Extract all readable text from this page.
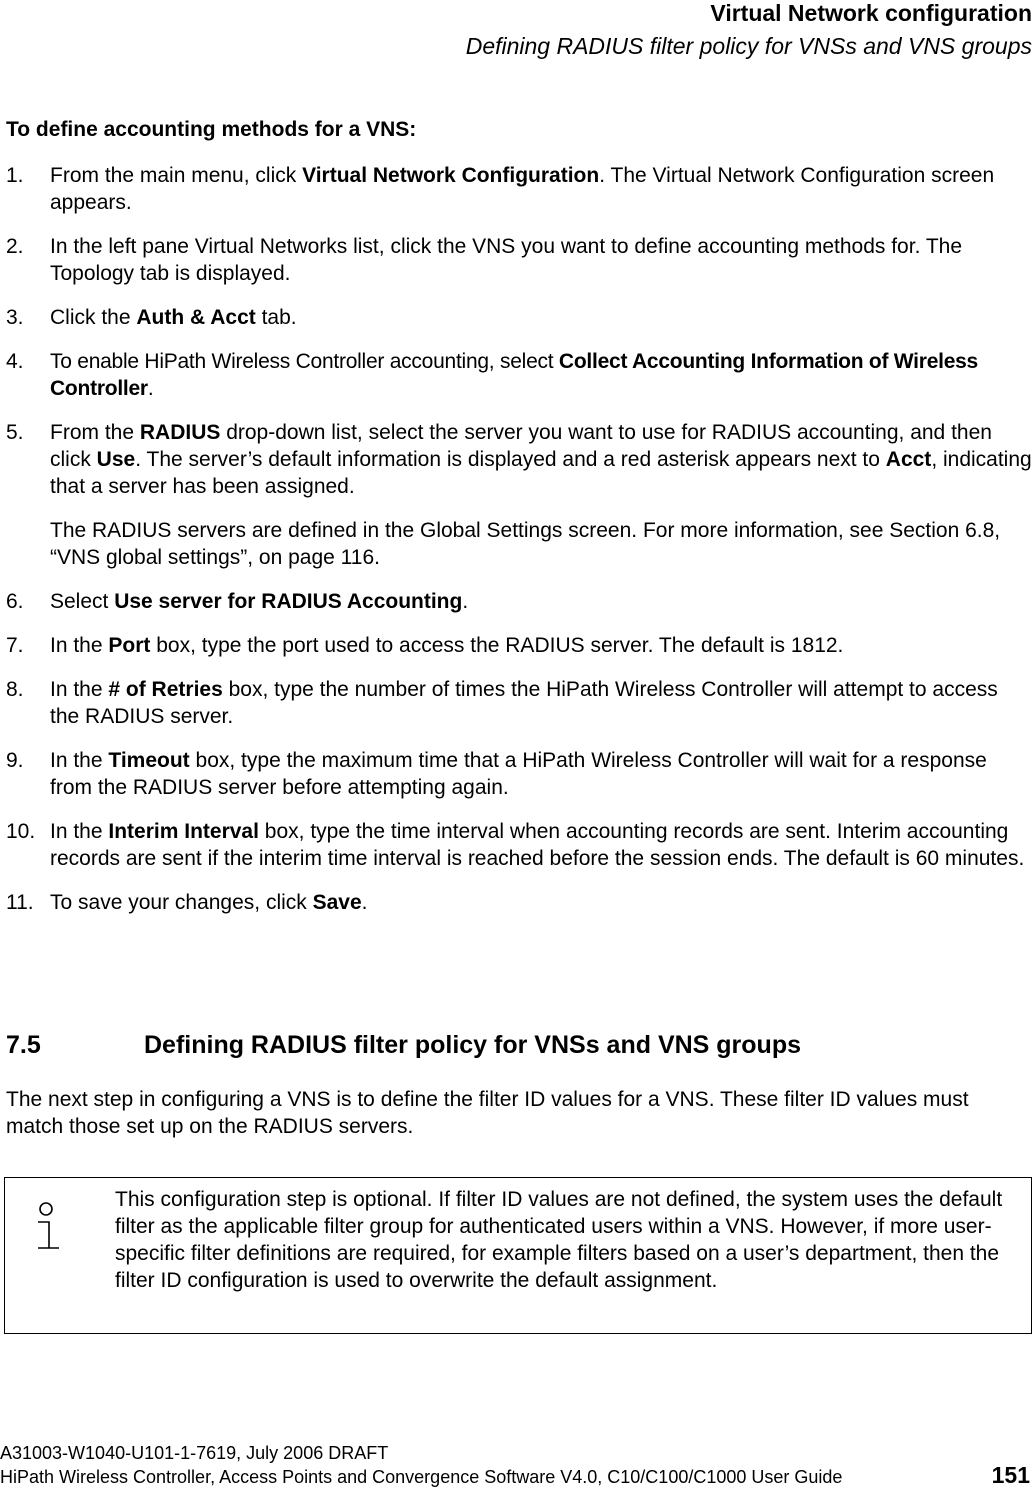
Virtual Network configuration
Defining RADIUS filter policy for VNSs and VNS groups
To define accounting methods for a VNS:
1. From the main menu, click Virtual Network Configuration. The Virtual Network Configuration screen appears.
2. In the left pane Virtual Networks list, click the VNS you want to define accounting methods for. The Topology tab is displayed.
3. Click the Auth & Acct tab.
4. To enable HiPath Wireless Controller accounting, select Collect Accounting Information of Wireless Controller.
5. From the RADIUS drop-down list, select the server you want to use for RADIUS accounting, and then click Use. The server’s default information is displayed and a red asterisk appears next to Acct, indicating that a server has been assigned.
The RADIUS servers are defined in the Global Settings screen. For more information, see Section 6.8, “VNS global settings”, on page 116.
6. Select Use server for RADIUS Accounting.
7. In the Port box, type the port used to access the RADIUS server. The default is 1812.
8. In the # of Retries box, type the number of times the HiPath Wireless Controller will attempt to access the RADIUS server.
9. In the Timeout box, type the maximum time that a HiPath Wireless Controller will wait for a response from the RADIUS server before attempting again.
10. In the Interim Interval box, type the time interval when accounting records are sent. Interim accounting records are sent if the interim time interval is reached before the session ends. The default is 60 minutes.
11. To save your changes, click Save.
7.5	Defining RADIUS filter policy for VNSs and VNS groups
The next step in configuring a VNS is to define the filter ID values for a VNS. These filter ID values must match those set up on the RADIUS servers.
This configuration step is optional. If filter ID values are not defined, the system uses the default filter as the applicable filter group for authenticated users within a VNS. However, if more user-specific filter definitions are required, for example filters based on a user’s department, then the filter ID configuration is used to overwrite the default assignment.
A31003-W1040-U101-1-7619, July 2006 DRAFT
HiPath Wireless Controller, Access Points and Convergence Software V4.0, C10/C100/C1000 User Guide	151
